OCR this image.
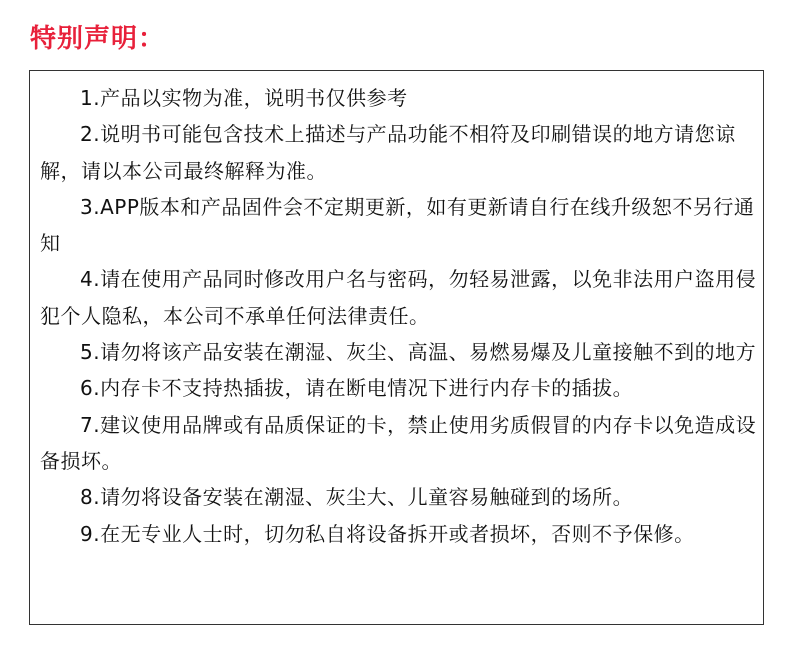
特别声明：
1.产品以实物为准，说明书仅供参考
2.说明书可能包含技术上描述与产品功能不相符及印刷错误的地方请您谅解，请以本公司最终解释为准。
3.APP版本和产品固件会不定期更新，如有更新请自行在线升级恕不另行通知
4.请在使用产品同时修改用户名与密码，勿轻易泄露，以免非法用户盗用侵犯个人隐私，本公司不承单任何法律责任。
5.请勿将该产品安装在潮湿、灰尘、高温、易燃易爆及儿童接触不到的地方
6.内存卡不支持热插拔，请在断电情况下进行内存卡的插拔。
7.建议使用品牌或有品质保证的卡，禁止使用劣质假冒的内存卡以免造成设备损坏。
8.请勿将设备安装在潮湿、灰尘大、儿童容易触碰到的场所。
9.在无专业人士时，切勿私自将设备拆开或者损坏，否则不予保修。
